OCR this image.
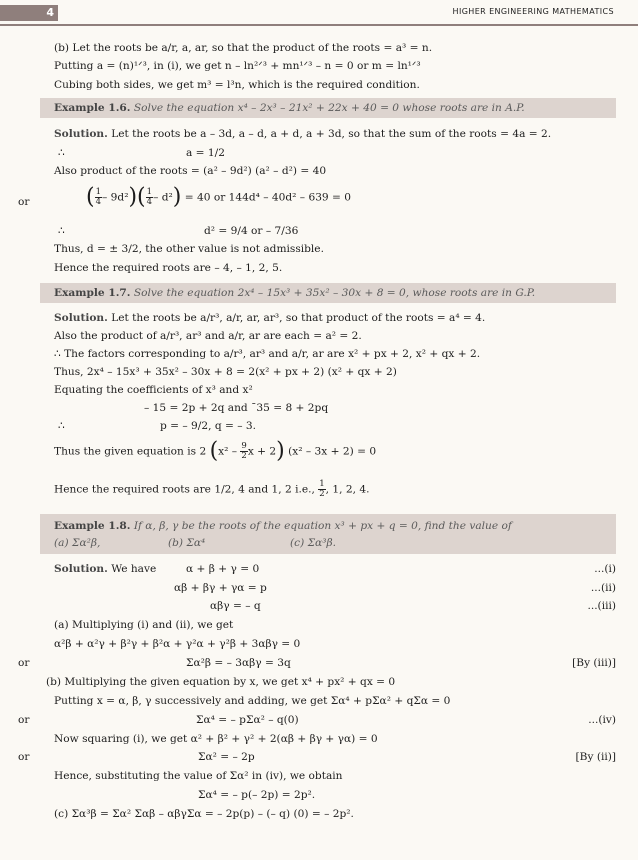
4	HIGHER ENGINEERING MATHEMATICS
(b) Let the roots be a/r, a, ar, so that the product of the roots = a³ = n.
Putting a = (n)¹ᐟ³, in (i), we get n – ln²ᐟ³ + mn¹ᐟ³ – n = 0 or m = ln¹ᐟ³
Cubing both sides, we get m³ = l³n, which is the required condition.
Example 1.6. Solve the equation x⁴ – 2x³ – 21x² + 22x + 40 = 0 whose roots are in A.P.
Solution. Let the roots be a – 3d, a – d, a + d, a + 3d, so that the sum of the roots = 4a = 2.
∴	a = 1/2
Also product of the roots = (a² – 9d²) (a² – d²) = 40
or	( $\frac{1}{4} - 9d^2)( \frac{1}{4} - d^2) = 40$ or 144d⁴ – 40d² – 639 = 0
∴	d² = 9/4 or – 7/36
Thus, d = ± 3/2, the other value is not admissible.
Hence the required roots are – 4, – 1, 2, 5.
Example 1.7. Solve the equation 2x⁴ – 15x³ + 35x² – 30x + 8 = 0, whose roots are in G.P.
Solution. Let the roots be a/r³, a/r, ar, ar³, so that product of the roots = a⁴ = 4.
Also the product of a/r³, ar³ and a/r, ar are each = a² = 2.
∴ The factors corresponding to a/r³, ar³ and a/r, ar are x² + px + 2, x² + qx + 2.
Thus, 2x⁴ – 15x³ + 35x² – 30x + 8 = 2(x² + px + 2) (x² + qx + 2)
Equating the coefficients of x³ and x²
– 15 = 2p + 2q and ˉ35 = 8 + 2pq
∴	p = – 9/2, q = – 3.
Thus the given equation is 2 ($x^2 - \frac{9}{2}$ x + 2) (x² – 3x + 2) = 0
Hence the required roots are 1/2, 4 and 1, 2 i.e., $\frac{1}{2}$ , 1, 2, 4.
Example 1.8. If α, β, γ be the roots of the equation x³ + px + q = 0, find the value of
(a) Σα²β,	(b) Σα⁴	(c) Σα³β.
Solution. We have	α + β + γ = 0	...(i)
αβ + βγ + γα = p	...(ii)
αβγ = – q	...(iii)
(a) Multiplying (i) and (ii), we get
α²β + α²γ + β²γ + β²α + γ²α + γ²β + 3αβγ = 0
or	Σα²β = – 3αβγ = 3q	[By (iii)]
(b) Multiplying the given equation by x, we get x⁴ + px² + qx = 0
Putting x = α, β, γ successively and adding, we get Σα⁴ + pΣα² + qΣα = 0
or	Σα⁴ = – pΣα² – q(0)	...(iv)
Now squaring (i), we get α² + β² + γ² + 2(αβ + βγ + γα) = 0
or	Σα² = – 2p	[By (ii)]
Hence, substituting the value of Σα² in (iv), we obtain
Σα⁴ = – p(– 2p) = 2p².
(c) Σα³β = Σα² Σαβ – αβγΣα = – 2p(p) – (– q) (0) = – 2p².
